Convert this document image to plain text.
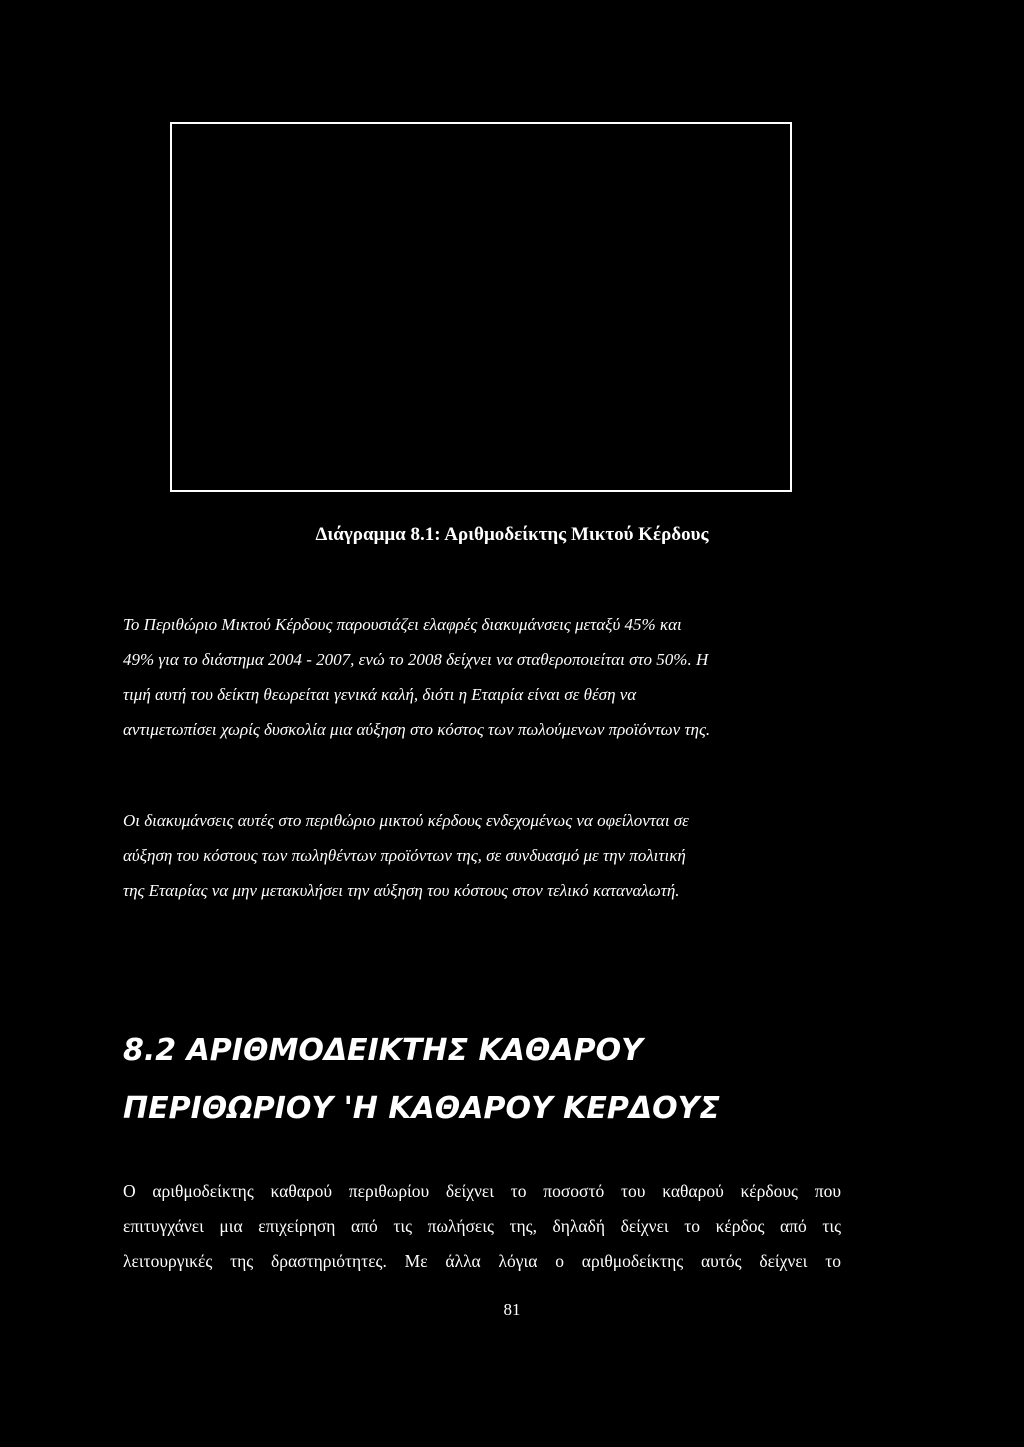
Διάγραμμα 8.1: Αριθμοδείκτης Μικτού Κέρδους
Το Περιθώριο Μικτού Κέρδους παρουσιάζει ελαφρές διακυμάνσεις μεταξύ 45% και
49% για το διάστημα 2004 - 2007, ενώ το 2008 δείχνει να σταθεροποιείται στο 50%. Η
τιμή αυτή του δείκτη θεωρείται γενικά καλή, διότι η Εταιρία είναι σε θέση να
αντιμετωπίσει χωρίς δυσκολία μια αύξηση στο κόστος των πωλούμενων προϊόντων της.
Οι διακυμάνσεις αυτές στο περιθώριο μικτού κέρδους ενδεχομένως να οφείλονται σε
αύξηση του κόστους των πωληθέντων προϊόντων της, σε συνδυασμό με την πολιτική
της Εταιρίας να μην μετακυλήσει την αύξηση του κόστους στον τελικό καταναλωτή.
8.2 ΑΡΙΘΜΟΔΕΙΚΤΗΣ ΚΑΘΑΡΟΥ
ΠΕΡΙΘΩΡΙΟΥ 'Η ΚΑΘΑΡΟΥ ΚΕΡΔΟΥΣ
Ο αριθμοδείκτης καθαρού περιθωρίου δείχνει το ποσοστό του καθαρού κέρδους που
επιτυγχάνει μια επιχείρηση από τις πωλήσεις της, δηλαδή δείχνει το κέρδος από τις
λειτουργικές της δραστηριότητες. Με άλλα λόγια ο αριθμοδείκτης αυτός δείχνει το
81
